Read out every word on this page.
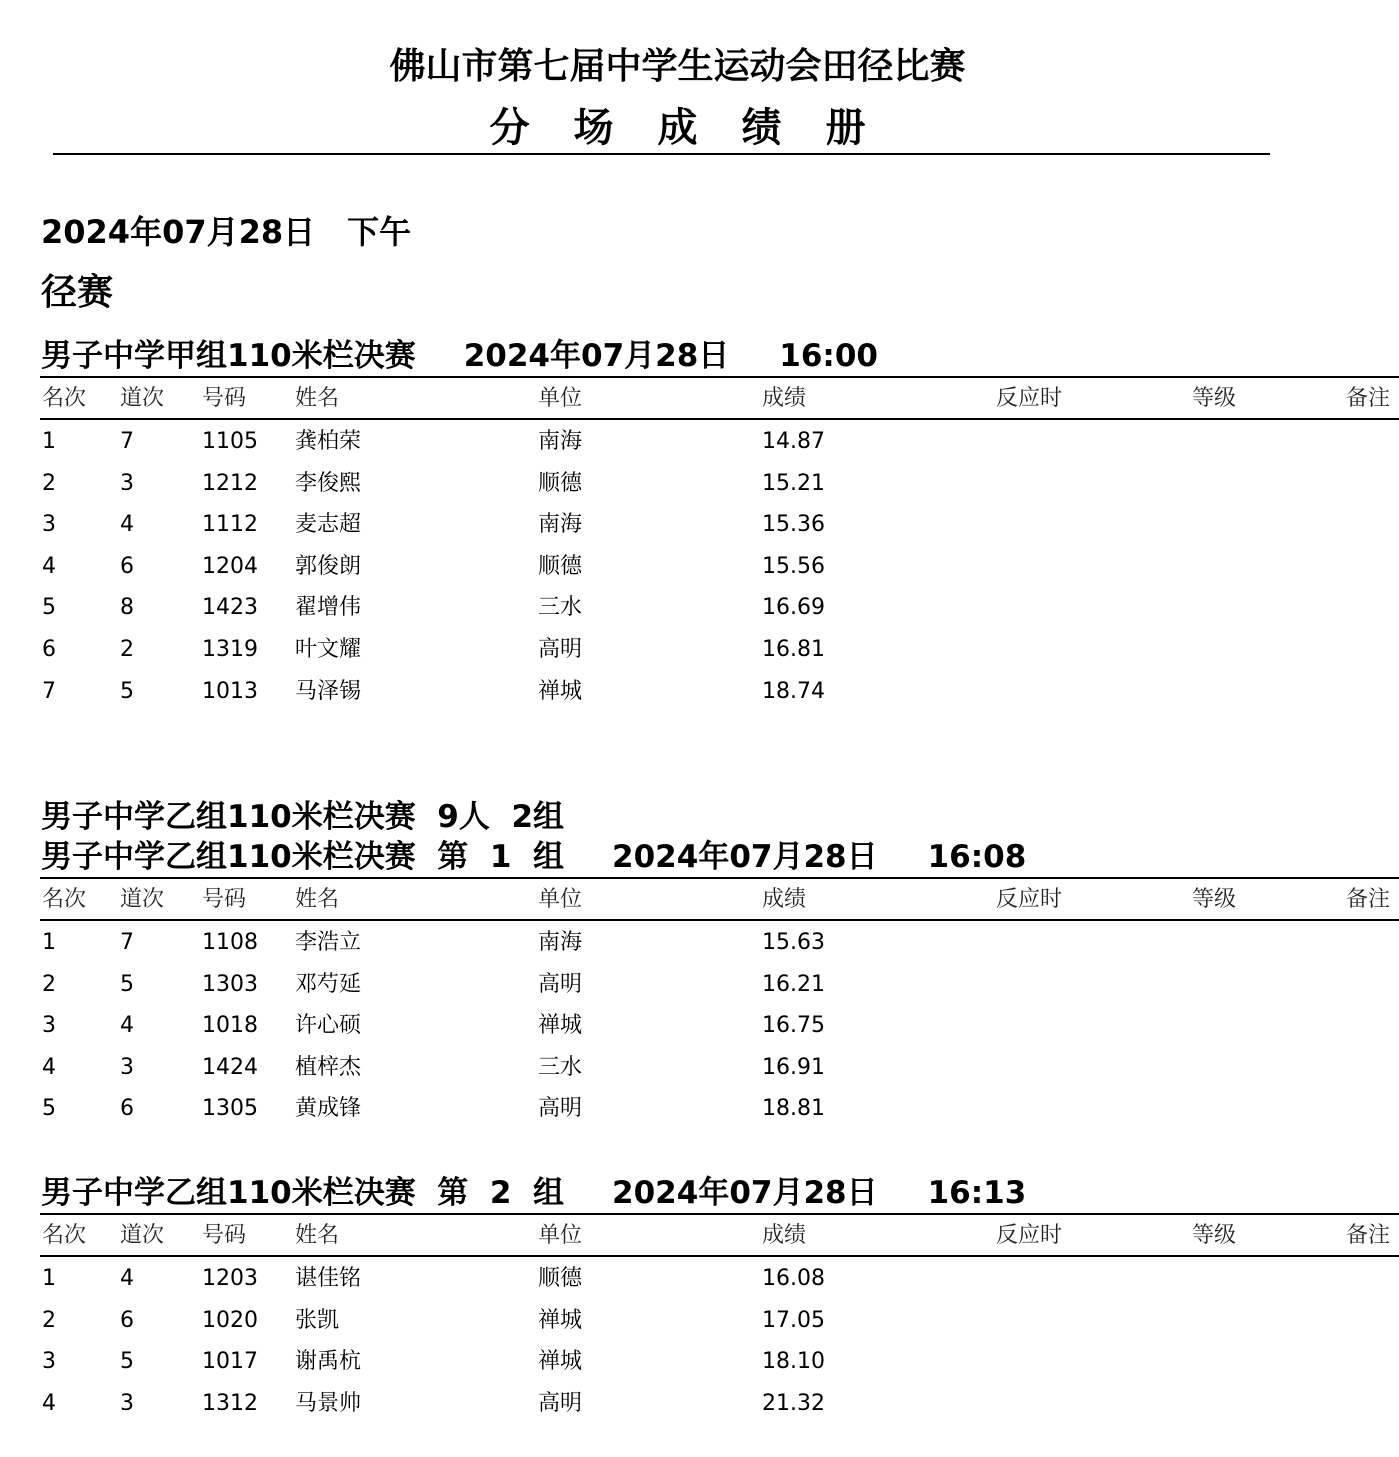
佛山市第七届中学生运动会田径比赛
分场成绩册
2024年07月28日　下午
径赛
男子中学甲组110米栏决赛 2024年07月28日 16:00
名次 道次 号码 姓名	单位	成绩	反应时	等级	备注
1	7	1105 龚柏荣	南海	14.87
2	3	1212 李俊熙	顺德	15.21
3	4	1112 麦志超	南海	15.36
4	6	1204 郭俊朗	顺德	15.56
5	8	1423 翟增伟	三水	16.69
6	2	1319 叶文耀	高明	16.81
7	5	1013 马泽锡	禅城	18.74
男子中学乙组110米栏决赛  9人  2组
男子中学乙组110米栏决赛  第  1  组 2024年07月28日 16:08
名次 道次 号码 姓名	单位	成绩	反应时	等级	备注
1	7	1108 李浩立	南海	15.63
2	5	1303 邓芍延	高明	16.21
3	4	1018 许心硕	禅城	16.75
4	3	1424 植梓杰	三水	16.91
5	6	1305 黄成锋	高明	18.81
男子中学乙组110米栏决赛  第  2  组 2024年07月28日 16:13
名次 道次 号码 姓名	单位	成绩	反应时	等级	备注
1	4	1203 谌佳铭	顺德	16.08
2	6	1020 张凯	禅城	17.05
3	5	1017 谢禹杭	禅城	18.10
4	3	1312 马景帅	高明	21.32
